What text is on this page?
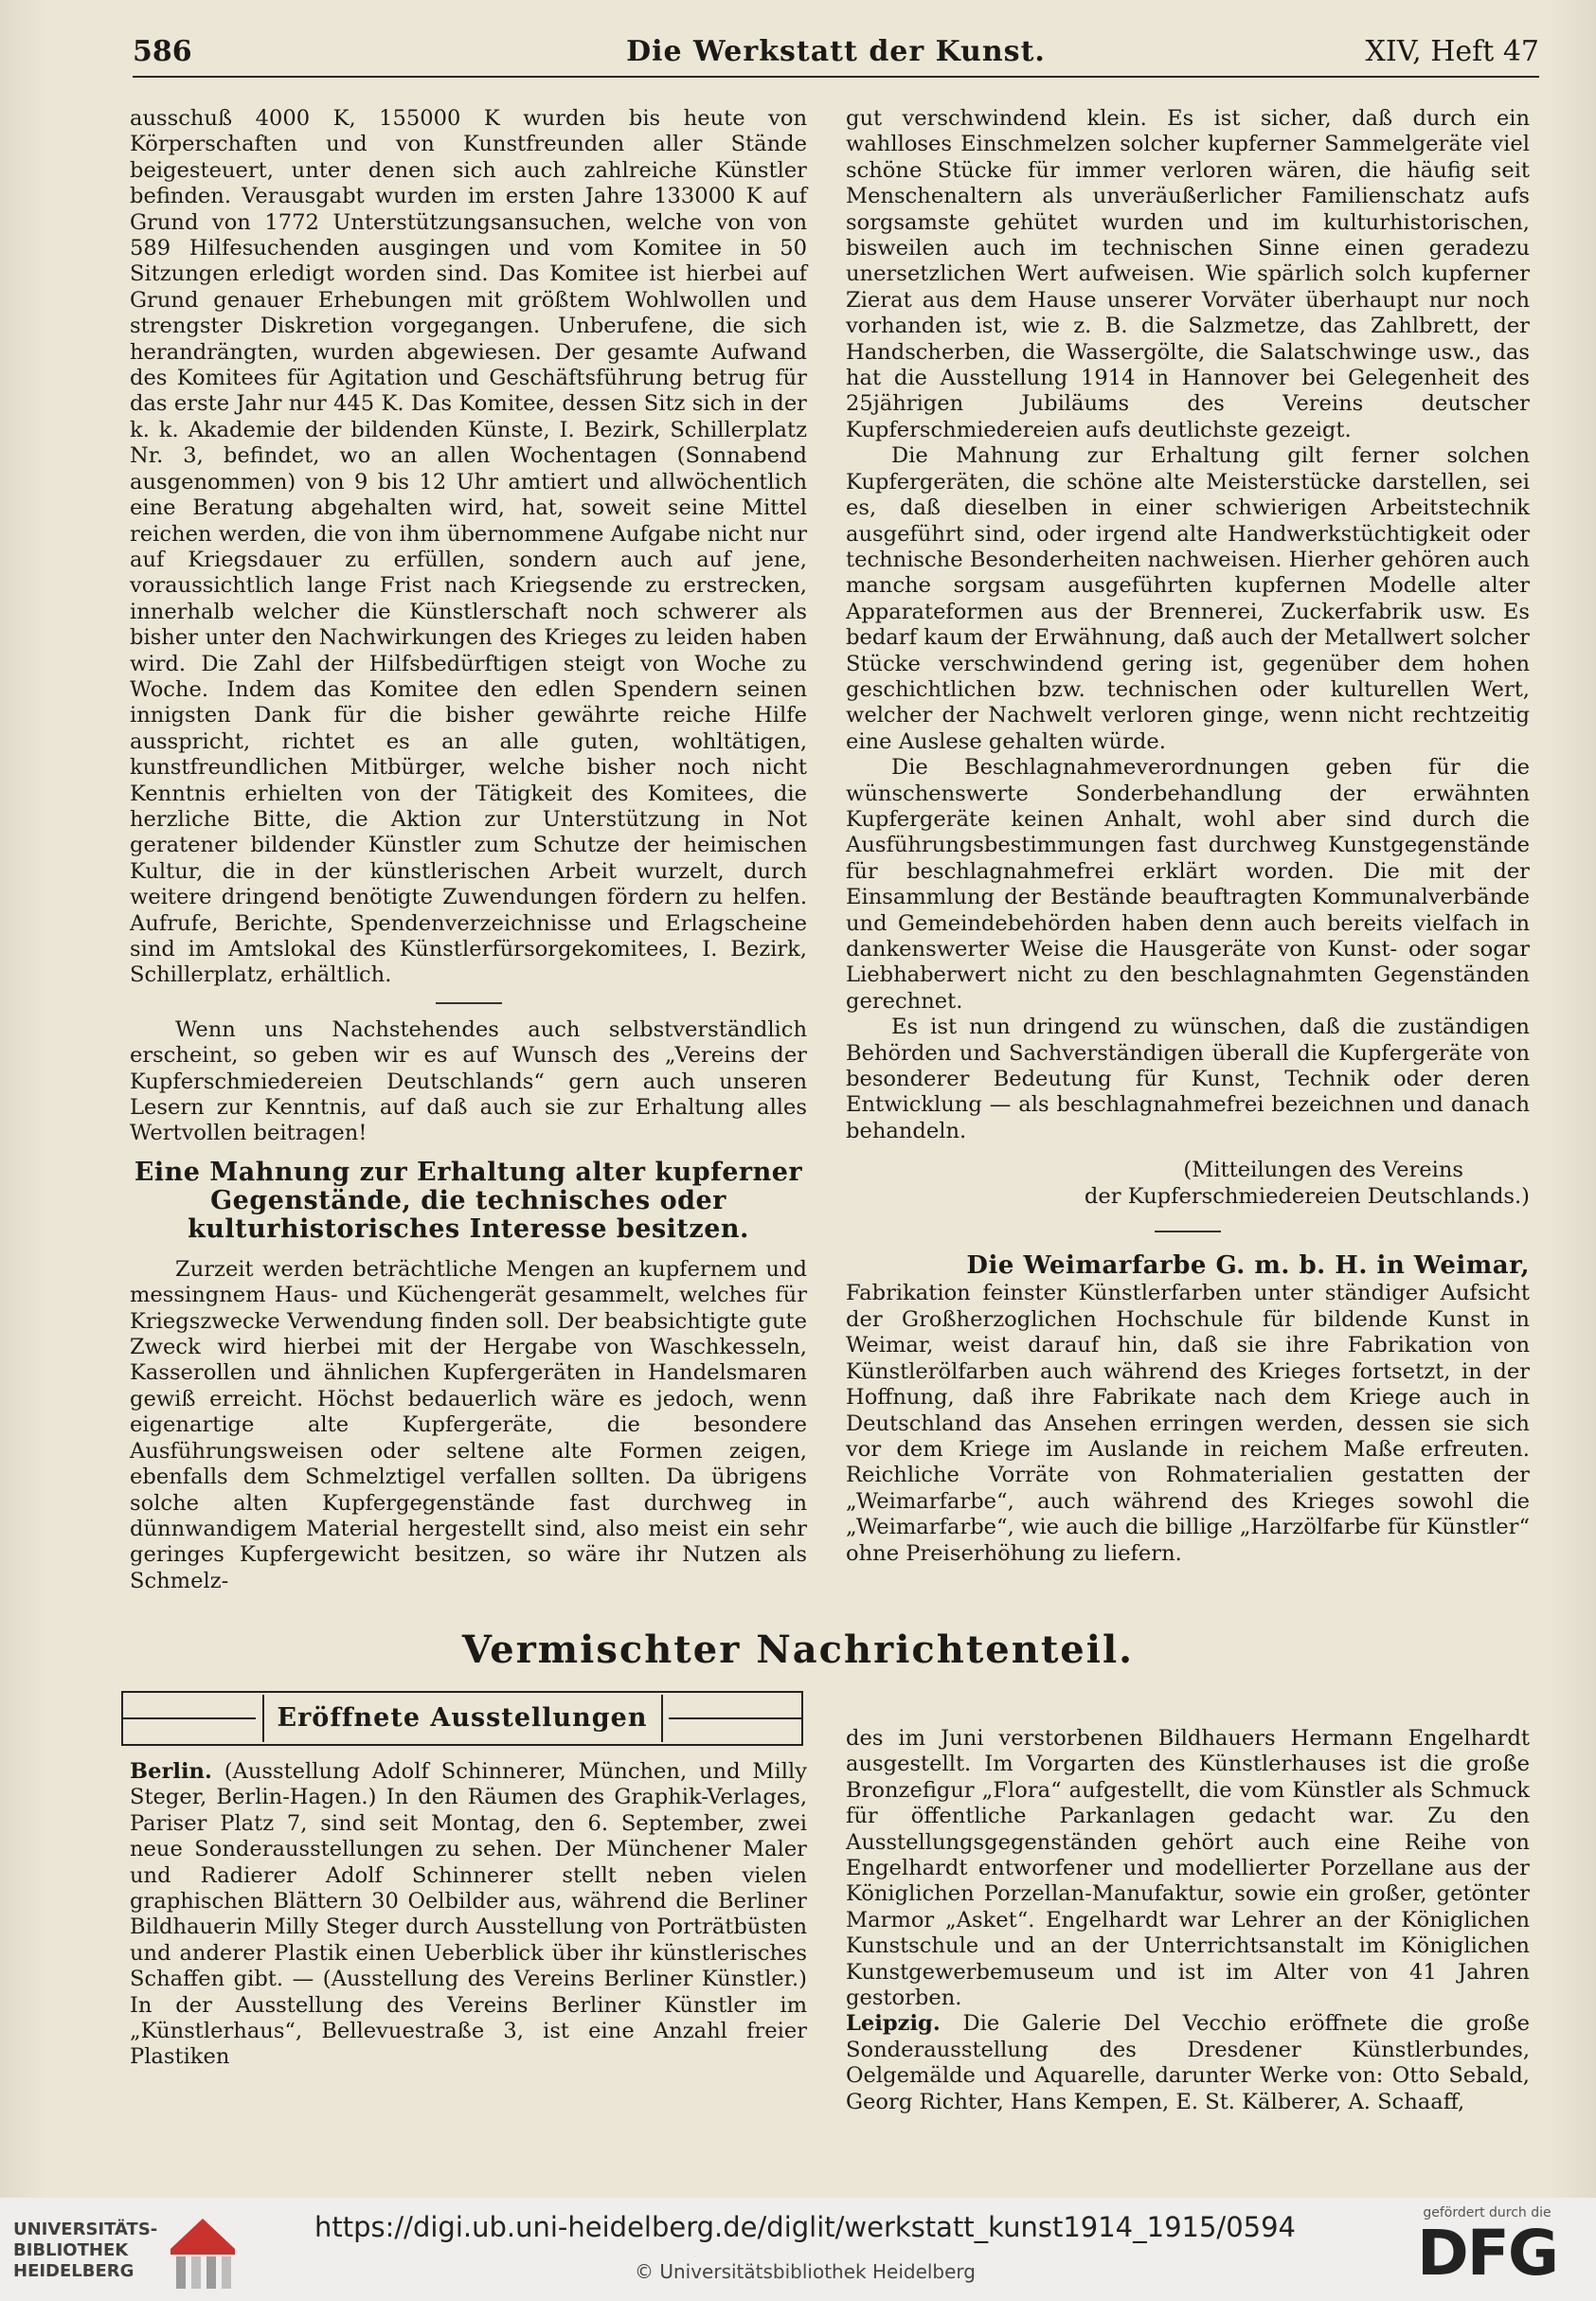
586	Die Werkstatt der Kunst.	XIV, Heft 47

ausschuß 4000 K, 155000 K wurden bis heute von Körperschaften und von Kunstfreunden aller Stände beigesteuert, unter denen sich auch zahlreiche Künstler befinden. Verausgabt wurden im ersten Jahre 133000 K auf Grund von 1772 Unterstützungsansuchen, welche von von 589 Hilfesuchenden ausgingen und vom Komitee in 50 Sitzungen erledigt worden sind. Das Komitee ist hierbei auf Grund genauer Erhebungen mit größtem Wohlwollen und strengster Diskretion vorgegangen. Unberufene, die sich herandrängten, wurden abgewiesen. Der gesamte Aufwand des Komitees für Agitation und Geschäftsführung betrug für das erste Jahr nur 445 K. Das Komitee, dessen Sitz sich in der k. k. Akademie der bildenden Künste, I. Bezirk, Schillerplatz Nr. 3, befindet, wo an allen Wochentagen (Sonnabend ausgenommen) von 9 bis 12 Uhr amtiert und allwöchentlich eine Beratung abgehalten wird, hat, soweit seine Mittel reichen werden, die von ihm übernommene Aufgabe nicht nur auf Kriegsdauer zu erfüllen, sondern auch auf jene, voraussichtlich lange Frist nach Kriegsende zu erstrecken, innerhalb welcher die Künstlerschaft noch schwerer als bisher unter den Nachwirkungen des Krieges zu leiden haben wird. Die Zahl der Hilfsbedürftigen steigt von Woche zu Woche. Indem das Komitee den edlen Spendern seinen innigsten Dank für die bisher gewährte reiche Hilfe ausspricht, richtet es an alle guten, wohltätigen, kunstfreundlichen Mitbürger, welche bisher noch nicht Kenntnis erhielten von der Tätigkeit des Komitees, die herzliche Bitte, die Aktion zur Unterstützung in Not geratener bildender Künstler zum Schutze der heimischen Kultur, die in der künstlerischen Arbeit wurzelt, durch weitere dringend benötigte Zuwendungen fördern zu helfen. Aufrufe, Berichte, Spendenverzeichnisse und Erlagscheine sind im Amtslokal des Künstlerfürsorgekomitees, I. Bezirk, Schillerplatz, erhältlich.

Wenn uns Nachstehendes auch selbstverständlich erscheint, so geben wir es auf Wunsch des „Vereins der Kupferschmiedereien Deutschlands“ gern auch unseren Lesern zur Kenntnis, auf daß auch sie zur Erhaltung alles Wertvollen beitragen!

Eine Mahnung zur Erhaltung alter kupferner Gegenstände, die technisches oder kulturhistorisches Interesse besitzen.

Zurzeit werden beträchtliche Mengen an kupfernem und messingnem Haus- und Küchengerät gesammelt, welches für Kriegszwecke Verwendung finden soll. Der beabsichtigte gute Zweck wird hierbei mit der Hergabe von Waschkesseln, Kasserollen und ähnlichen Kupfergeräten in Handelsmaren gewiß erreicht. Höchst bedauerlich wäre es jedoch, wenn eigenartige alte Kupfergeräte, die besondere Ausführungsweisen oder seltene alte Formen zeigen, ebenfalls dem Schmelztigel verfallen sollten. Da übrigens solche alten Kupfergegenstände fast durchweg in dünnwandigem Material hergestellt sind, also meist ein sehr geringes Kupfergewicht besitzen, so wäre ihr Nutzen als Schmelz-

gut verschwindend klein. Es ist sicher, daß durch ein wahlloses Einschmelzen solcher kupferner Sammelgeräte viel schöne Stücke für immer verloren wären, die häufig seit Menschenaltern als unveräußerlicher Familienschatz aufs sorgsamste gehütet wurden und im kulturhistorischen, bisweilen auch im technischen Sinne einen geradezu unersetzlichen Wert aufweisen. Wie spärlich solch kupferner Zierat aus dem Hause unserer Vorväter überhaupt nur noch vorhanden ist, wie z. B. die Salzmetze, das Zahlbrett, der Handscherben, die Wassergölte, die Salatschwinge usw., das hat die Ausstellung 1914 in Hannover bei Gelegenheit des 25jährigen Jubiläums des Vereins deutscher Kupferschmiedereien aufs deutlichste gezeigt.

Die Mahnung zur Erhaltung gilt ferner solchen Kupfergeräten, die schöne alte Meisterstücke darstellen, sei es, daß dieselben in einer schwierigen Arbeitstechnik ausgeführt sind, oder irgend alte Handwerkstüchtigkeit oder technische Besonderheiten nachweisen. Hierher gehören auch manche sorgsam ausgeführten kupfernen Modelle alter Apparateformen aus der Brennerei, Zuckerfabrik usw. Es bedarf kaum der Erwähnung, daß auch der Metallwert solcher Stücke verschwindend gering ist, gegenüber dem hohen geschichtlichen bzw. technischen oder kulturellen Wert, welcher der Nachwelt verloren ginge, wenn nicht rechtzeitig eine Auslese gehalten würde.

Die Beschlagnahmeverordnungen geben für die wünschenswerte Sonderbehandlung der erwähnten Kupfergeräte keinen Anhalt, wohl aber sind durch die Ausführungsbestimmungen fast durchweg Kunstgegenstände für beschlagnahmefrei erklärt worden. Die mit der Einsammlung der Bestände beauftragten Kommunalverbände und Gemeindebehörden haben denn auch bereits vielfach in dankenswerter Weise die Hausgeräte von Kunst- oder sogar Liebhaberwert nicht zu den beschlagnahmten Gegenständen gerechnet.

Es ist nun dringend zu wünschen, daß die zuständigen Behörden und Sachverständigen überall die Kupfergeräte von besonderer Bedeutung für Kunst, Technik oder deren Entwicklung — als beschlagnahmefrei bezeichnen und danach behandeln.

(Mitteilungen des Vereins
der Kupferschmiedereien Deutschlands.)
Die Weimarfarbe G. m. b. H. in Weimar,

Fabrikation feinster Künstlerfarben unter ständiger Aufsicht der Großherzoglichen Hochschule für bildende Kunst in Weimar, weist darauf hin, daß sie ihre Fabrikation von Künstlerölfarben auch während des Krieges fortsetzt, in der Hoffnung, daß ihre Fabrikate nach dem Kriege auch in Deutschland das Ansehen erringen werden, dessen sie sich vor dem Kriege im Auslande in reichem Maße erfreuten. Reichliche Vorräte von Rohmaterialien gestatten der „Weimarfarbe“, auch während des Krieges sowohl die „Weimarfarbe“, wie auch die billige „Harzölfarbe für Künstler“ ohne Preiserhöhung zu liefern.

Vermischter Nachrichtenteil.
Eröffnete Ausstellungen

Berlin. (Ausstellung Adolf Schinnerer, München, und Milly Steger, Berlin-Hagen.) In den Räumen des Graphik-Verlages, Pariser Platz 7, sind seit Montag, den 6. September, zwei neue Sonderausstellungen zu sehen. Der Münchener Maler und Radierer Adolf Schinnerer stellt neben vielen graphischen Blättern 30 Oelbilder aus, während die Berliner Bildhauerin Milly Steger durch Ausstellung von Porträtbüsten und anderer Plastik einen Ueberblick über ihr künstlerisches Schaffen gibt. — (Ausstellung des Vereins Berliner Künstler.) In der Ausstellung des Vereins Berliner Künstler im „Künstlerhaus“, Bellevuestraße 3, ist eine Anzahl freier Plastiken

des im Juni verstorbenen Bildhauers Hermann Engelhardt ausgestellt. Im Vorgarten des Künstlerhauses ist die große Bronzefigur „Flora“ aufgestellt, die vom Künstler als Schmuck für öffentliche Parkanlagen gedacht war. Zu den Ausstellungsgegenständen gehört auch eine Reihe von Engelhardt entworfener und modellierter Porzellane aus der Königlichen Porzellan-Manufaktur, sowie ein großer, getönter Marmor „Asket“. Engelhardt war Lehrer an der Königlichen Kunstschule und an der Unterrichtsanstalt im Königlichen Kunstgewerbemuseum und ist im Alter von 41 Jahren gestorben.

Leipzig. Die Galerie Del Vecchio eröffnete die große Sonderausstellung des Dresdener Künstlerbundes, Oelgemälde und Aquarelle, darunter Werke von: Otto Sebald, Georg Richter, Hans Kempen, E. St. Kälberer, A. Schaaff,

UNIVERSITÄTS-
BIBLIOTHEK
HEIDELBERG
https://digi.ub.uni-heidelberg.de/diglit/werkstatt_kunst1914_1915/0594
© Universitätsbibliothek Heidelberg
gefördert durch die
DFG
